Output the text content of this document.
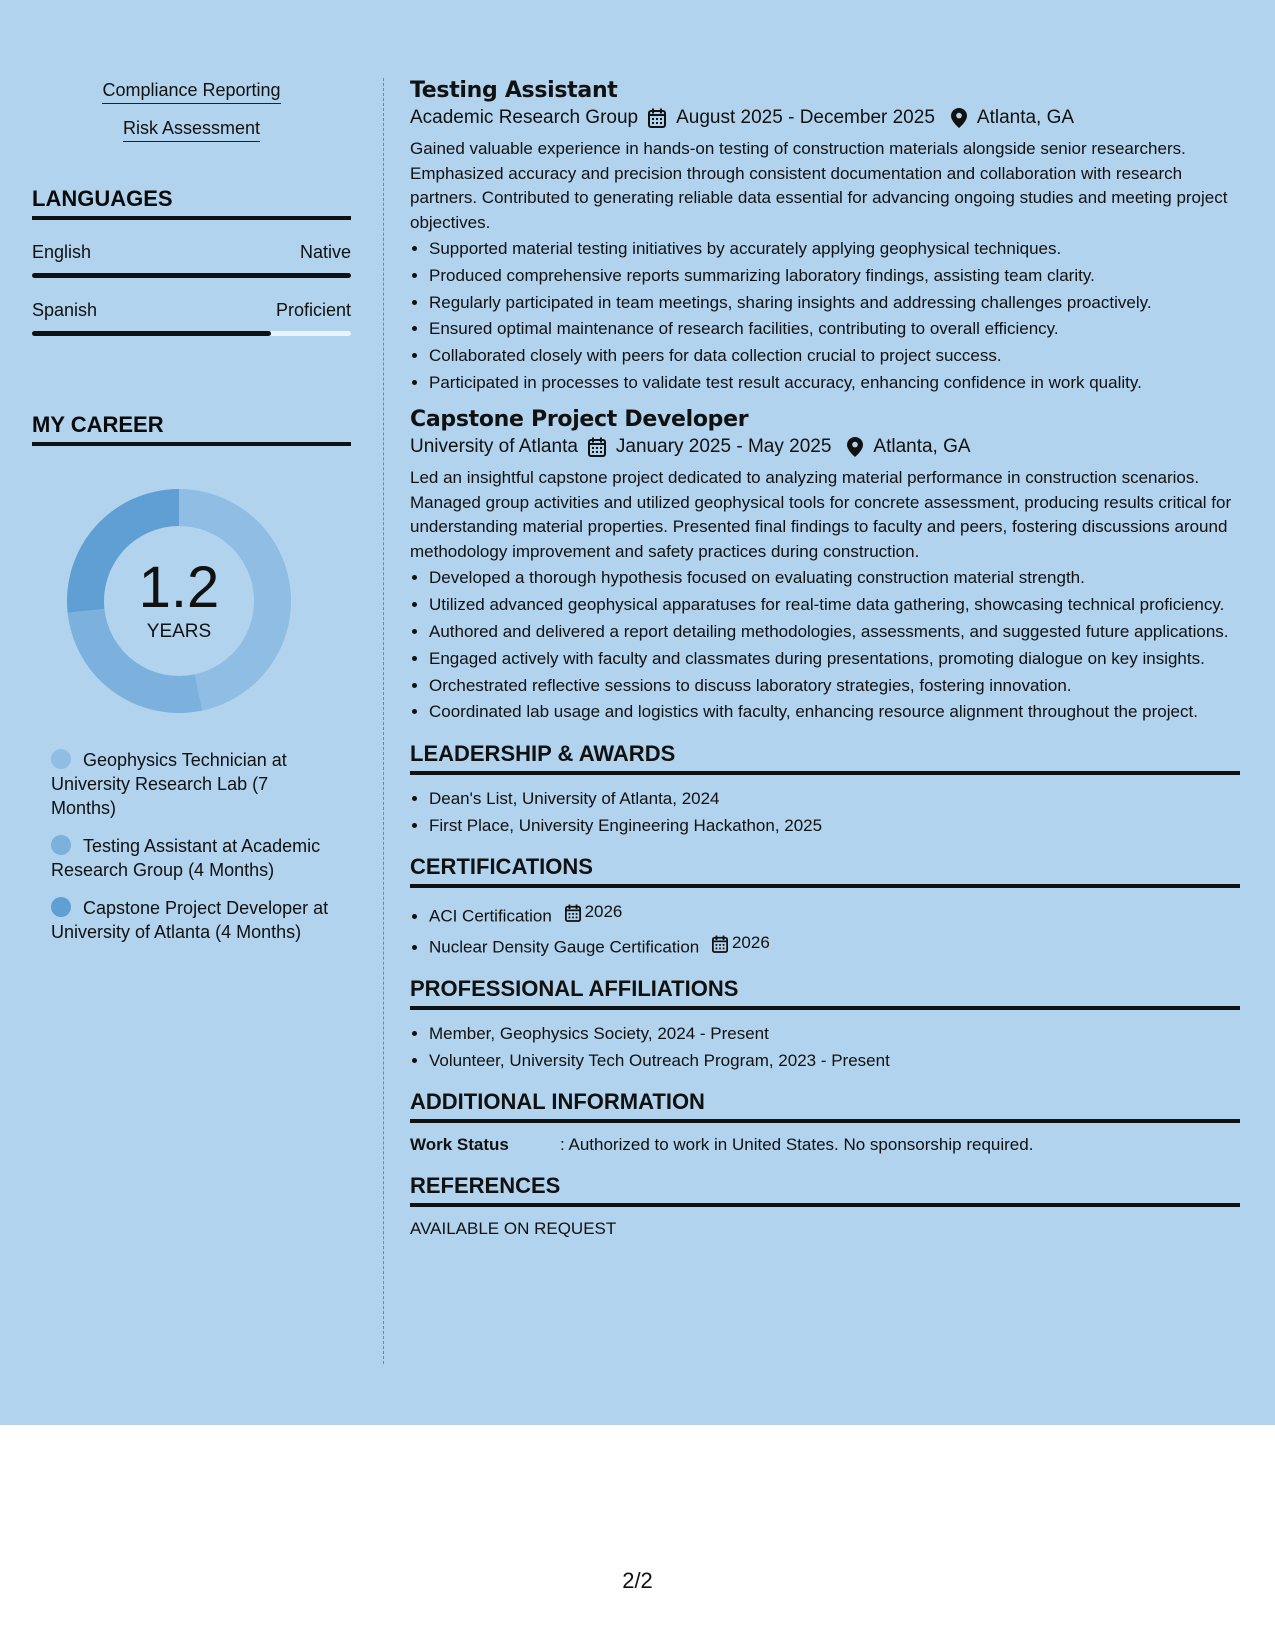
Compliance Reporting
Risk Assessment
LANGUAGES
English	Native
Spanish	Proficient
MY CAREER
1.2
YEARS
Geophysics Technician at University Research Lab (7 Months)
Testing Assistant at Academic Research Group (4 Months)
Capstone Project Developer at University of Atlanta (4 Months)
Testing Assistant
Academic Research Group August 2025 - December 2025 Atlanta, GA

Gained valuable experience in hands-on testing of construction materials alongside senior researchers. Emphasized accuracy and precision through consistent documentation and collaboration with research partners. Contributed to generating reliable data essential for advancing ongoing studies and meeting project objectives.

• Supported material testing initiatives by accurately applying geophysical techniques.
• Produced comprehensive reports summarizing laboratory findings, assisting team clarity.
• Regularly participated in team meetings, sharing insights and addressing challenges proactively.
• Ensured optimal maintenance of research facilities, contributing to overall efficiency.
• Collaborated closely with peers for data collection crucial to project success.
• Participated in processes to validate test result accuracy, enhancing confidence in work quality.
Capstone Project Developer
University of Atlanta January 2025 - May 2025 Atlanta, GA

Led an insightful capstone project dedicated to analyzing material performance in construction scenarios. Managed group activities and utilized geophysical tools for concrete assessment, producing results critical for understanding material properties. Presented final findings to faculty and peers, fostering discussions around methodology improvement and safety practices during construction.

• Developed a thorough hypothesis focused on evaluating construction material strength.
• Utilized advanced geophysical apparatuses for real-time data gathering, showcasing technical proficiency.
• Authored and delivered a report detailing methodologies, assessments, and suggested future applications.
• Engaged actively with faculty and classmates during presentations, promoting dialogue on key insights.
• Orchestrated reflective sessions to discuss laboratory strategies, fostering innovation.
• Coordinated lab usage and logistics with faculty, enhancing resource alignment throughout the project.
LEADERSHIP & AWARDS
• Dean's List, University of Atlanta, 2024
• First Place, University Engineering Hackathon, 2025
CERTIFICATIONS
• ACI Certification 2026
• Nuclear Density Gauge Certification 2026
PROFESSIONAL AFFILIATIONS
• Member, Geophysics Society, 2024 - Present
• Volunteer, University Tech Outreach Program, 2023 - Present
ADDITIONAL INFORMATION
Work Status	: Authorized to work in United States. No sponsorship required.
REFERENCES
AVAILABLE ON REQUEST
2/2
